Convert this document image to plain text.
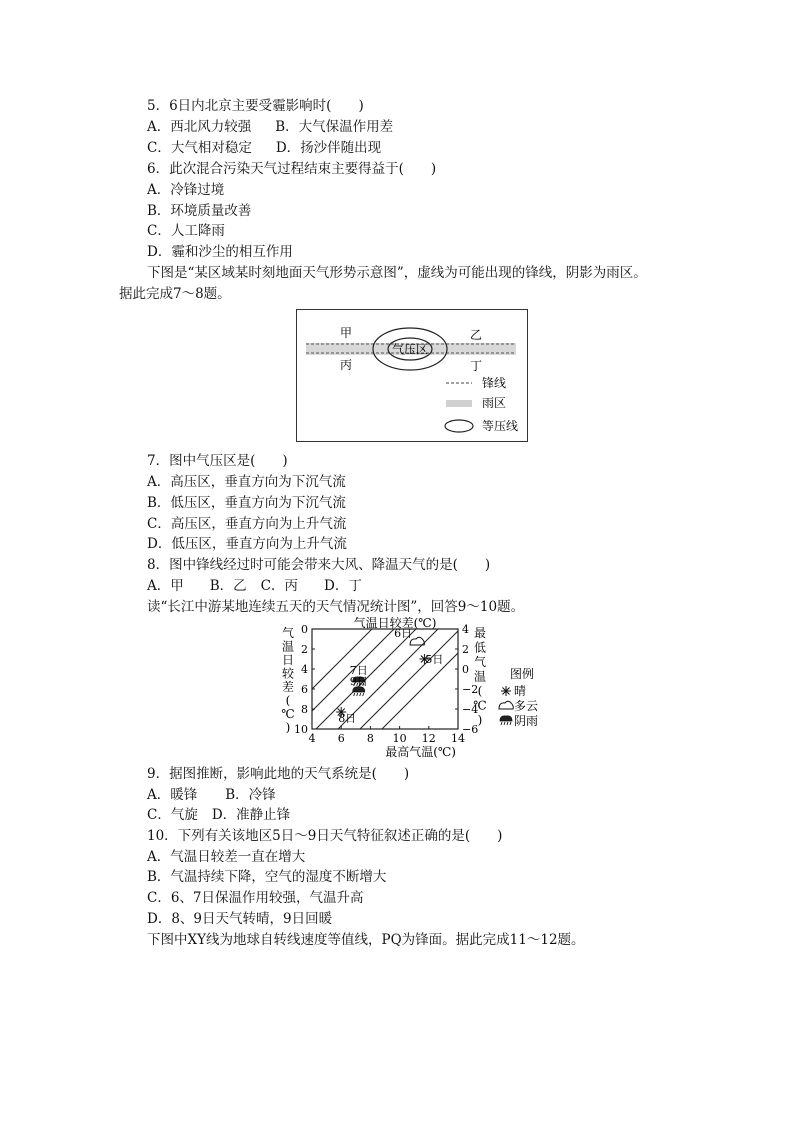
5．6日内北京主要受霾影响时(　　)
A．西北风力较强 B．大气保温作用差
C．大气相对稳定 D．扬沙伴随出现
6．此次混合污染天气过程结束主要得益于(　　)
A．冷锋过境
B．环境质量改善
C．人工降雨
D．霾和沙尘的相互作用
下图是“某区域某时刻地面天气形势示意图”，虚线为可能出现的锋线，阴影为雨区。
据此完成7～8题。
气压区
甲	乙
丙	丁
锋线
雨区
等压线
7．图中气压区是(　　)
A．高压区，垂直方向为下沉气流
B．低压区，垂直方向为下沉气流
C．高压区，垂直方向为上升气流
D．低压区，垂直方向为上升气流
8．图中锋线经过时可能会带来大风、降温天气的是(　　)
A．甲 B．乙 C．丙 D．丁
读“长江中游某地连续五天的天气情况统计图”，回答9～10题。
4 6 8 10 12 14
0
2
4
6
8
10
4
2
0
−2
−4
−6
气温日较差(℃)
最高气温(℃)
气
温
日
较
差
(
℃
)
最
低
气
温
(
℃
)
5日
6日
7日
9日
8日
图例
晴
多云
阴雨
9．据图推断，影响此地的天气系统是(　　)
A．暖锋 B．冷锋
C．气旋 D．准静止锋
10．下列有关该地区5日～9日天气特征叙述正确的是(　　)
A．气温日较差一直在增大
B．气温持续下降，空气的湿度不断增大
C．6、7日保温作用较强，气温升高
D．8、9日天气转晴，9日回暖
下图中XY线为地球自转线速度等值线，PQ为锋面。据此完成11～12题。
